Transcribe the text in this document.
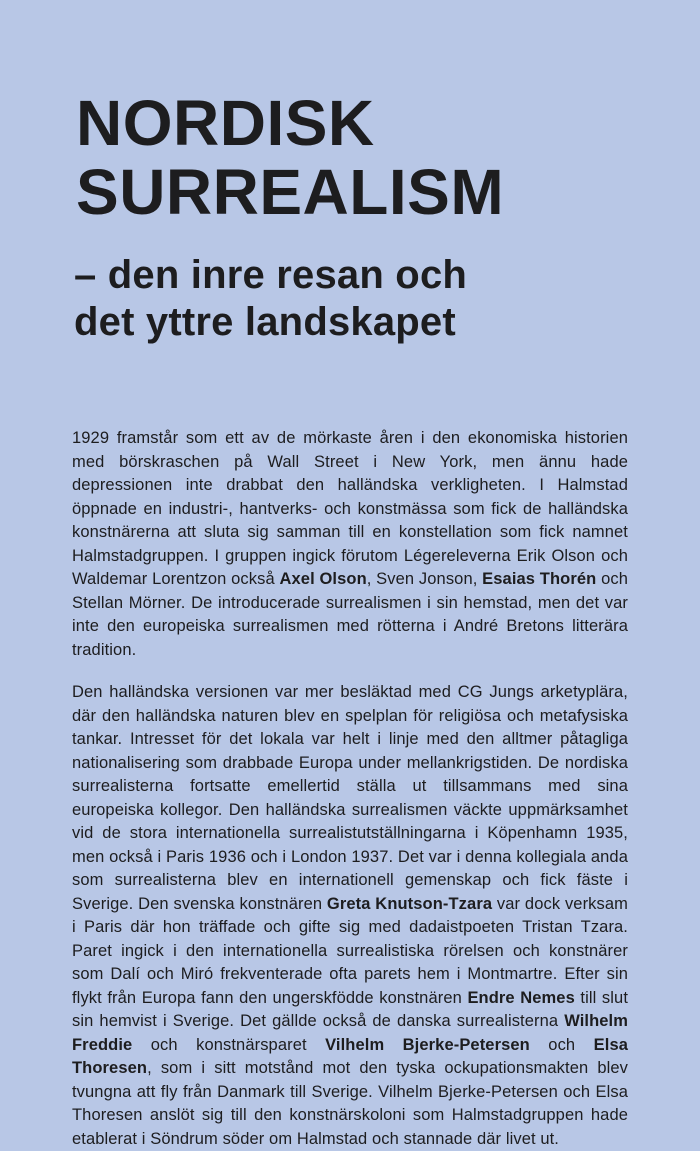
NORDISK
SURREALISM
– den inre resan och
det yttre landskapet

1929 framstår som ett av de mörkaste åren i den ekonomiska historien med börskraschen på Wall Street i New York, men ännu hade depressionen inte drabbat den halländska verkligheten. I Halmstad öppnade en industri-, hantverks- och konstmässa som fick de halländska konstnärerna att sluta sig samman till en konstellation som fick namnet Halmstadgruppen. I gruppen ingick förutom Légereleverna Erik Olson och Waldemar Lorentzon också Axel Olson, Sven Jonson, Esaias Thorén och Stellan Mörner. De introducerade surrealismen i sin hemstad, men det var inte den europeiska surrealismen med rötterna i André Bretons litterära tradition.

Den halländska versionen var mer besläktad med CG Jungs arketyplära, där den halländska naturen blev en spelplan för religiösa och metafysiska tankar. Intresset för det lokala var helt i linje med den alltmer påtagliga nationalisering som drabbade Europa under mellankrigstiden. De nordiska surrealisterna fortsatte emellertid ställa ut tillsammans med sina europeiska kollegor. Den halländska surrealismen väckte uppmärksamhet vid de stora internationella surrealistutställningarna i Köpenhamn 1935, men också i Paris 1936 och i London 1937. Det var i denna kollegiala anda som surrealisterna blev en internationell gemenskap och fick fäste i Sverige. Den svenska konstnären Greta Knutson-Tzara var dock verksam i Paris där hon träffade och gifte sig med dadaistpoeten Tristan Tzara. Paret ingick i den internationella surrealistiska rörelsen och konstnärer som Dalí och Miró frekventerade ofta parets hem i Montmartre. Efter sin flykt från Europa fann den ungerskfödde konstnären Endre Nemes till slut sin hemvist i Sverige. Det gällde också de danska surrealisterna Wilhelm Freddie och konstnärsparet Vilhelm Bjerke-Petersen och Elsa Thoresen, som i sitt motstånd mot den tyska ockupationsmakten blev tvungna att fly från Danmark till Sverige. Vilhelm Bjerke-Petersen och Elsa Thoresen anslöt sig till den konstnärskoloni som Halmstadgruppen hade etablerat i Söndrum söder om Halmstad och stannade där livet ut.
